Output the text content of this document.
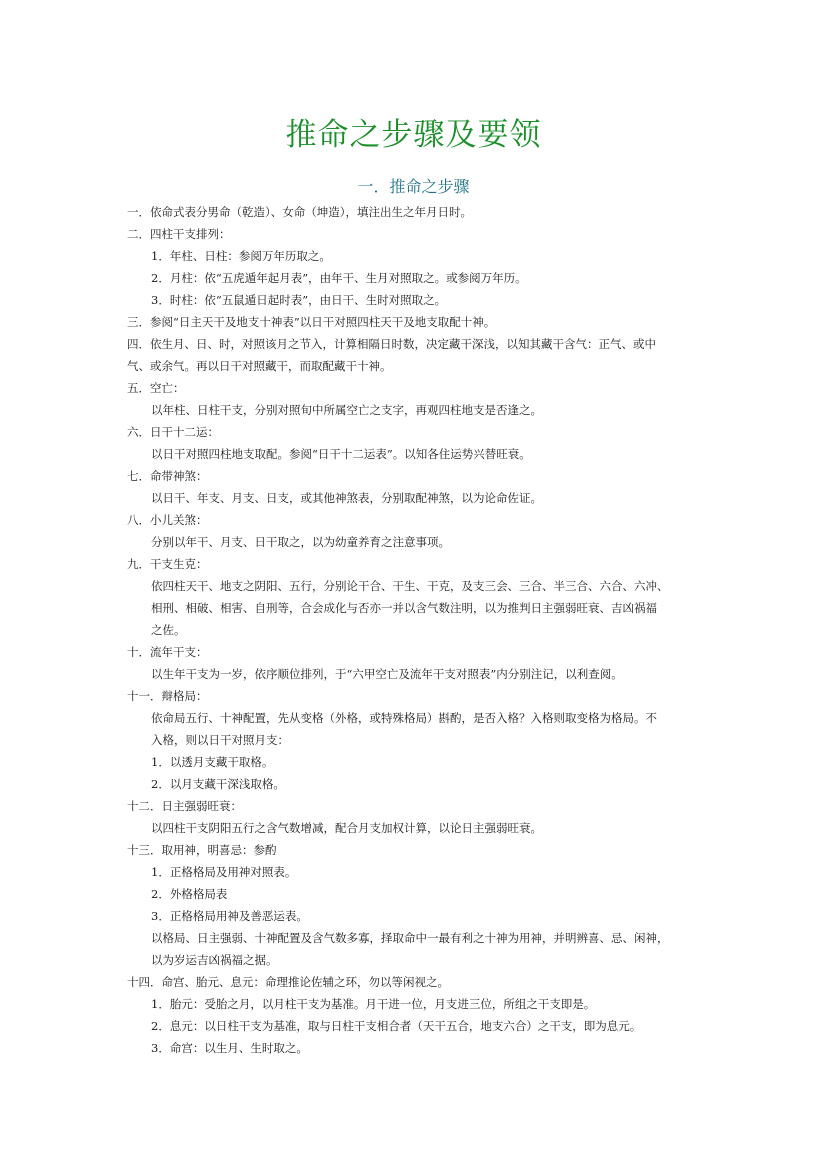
推命之步骤及要领
一．推命之步骤
一．依命式表分男命（乾造）、女命（坤造），填注出生之年月日时。
二．四柱干支排列：
1．年柱、日柱：参阅万年历取之。
2．月柱：依“五虎遁年起月表”，由年干、生月对照取之。或参阅万年历。
3．时柱：依“五鼠遁日起时表”，由日干、生时对照取之。
三．参阅“日主天干及地支十神表”以日干对照四柱天干及地支取配十神。
四．依生月、日、时，对照该月之节入，计算相隔日时数，决定藏干深浅，以知其藏干含气：正气、或中
气、或余气。再以日干对照藏干，而取配藏干十神。
五．空亡：
以年柱、日柱干支，分别对照旬中所属空亡之支字，再观四柱地支是否逢之。
六．日干十二运：
以日干对照四柱地支取配。参阅“日干十二运表”。以知各住运势兴替旺衰。
七．命带神煞：
以日干、年支、月支、日支，或其他神煞表，分别取配神煞，以为论命佐证。
八．小儿关煞：
分别以年干、月支、日干取之，以为幼童养育之注意事项。
九．干支生克：
依四柱天干、地支之阴阳、五行，分别论干合、干生、干克，及支三会、三合、半三合、六合、六冲、
相刑、相破、相害、自刑等，合会成化与否亦一并以含气数注明，以为推判日主强弱旺衰、吉凶祸福
之佐。
十．流年干支：
以生年干支为一岁，依序顺位排列，于“六甲空亡及流年干支对照表”内分别注记，以利查阅。
十一．辩格局：
依命局五行、十神配置，先从变格（外格，或特殊格局）斟酌，是否入格？入格则取变格为格局。不
入格，则以日干对照月支：
1．以透月支藏干取格。
2．以月支藏干深浅取格。
十二．日主强弱旺衰：
以四柱干支阴阳五行之含气数增减，配合月支加权计算，以论日主强弱旺衰。
十三．取用神，明喜忌：参酌
1．正格格局及用神对照表。
2．外格格局表
3．正格格局用神及善恶运表。
以格局、日主强弱、十神配置及含气数多寡，择取命中一最有利之十神为用神，并明辨喜、忌、闲神，
以为岁运吉凶祸福之据。
十四．命宫、胎元、息元：命理推论佐辅之环，勿以等闲视之。
1．胎元：受胎之月，以月柱干支为基准。月干进一位，月支进三位，所组之干支即是。
2．息元：以日柱干支为基准，取与日柱干支相合者（天干五合，地支六合）之干支，即为息元。
3．命宫：以生月、生时取之。
